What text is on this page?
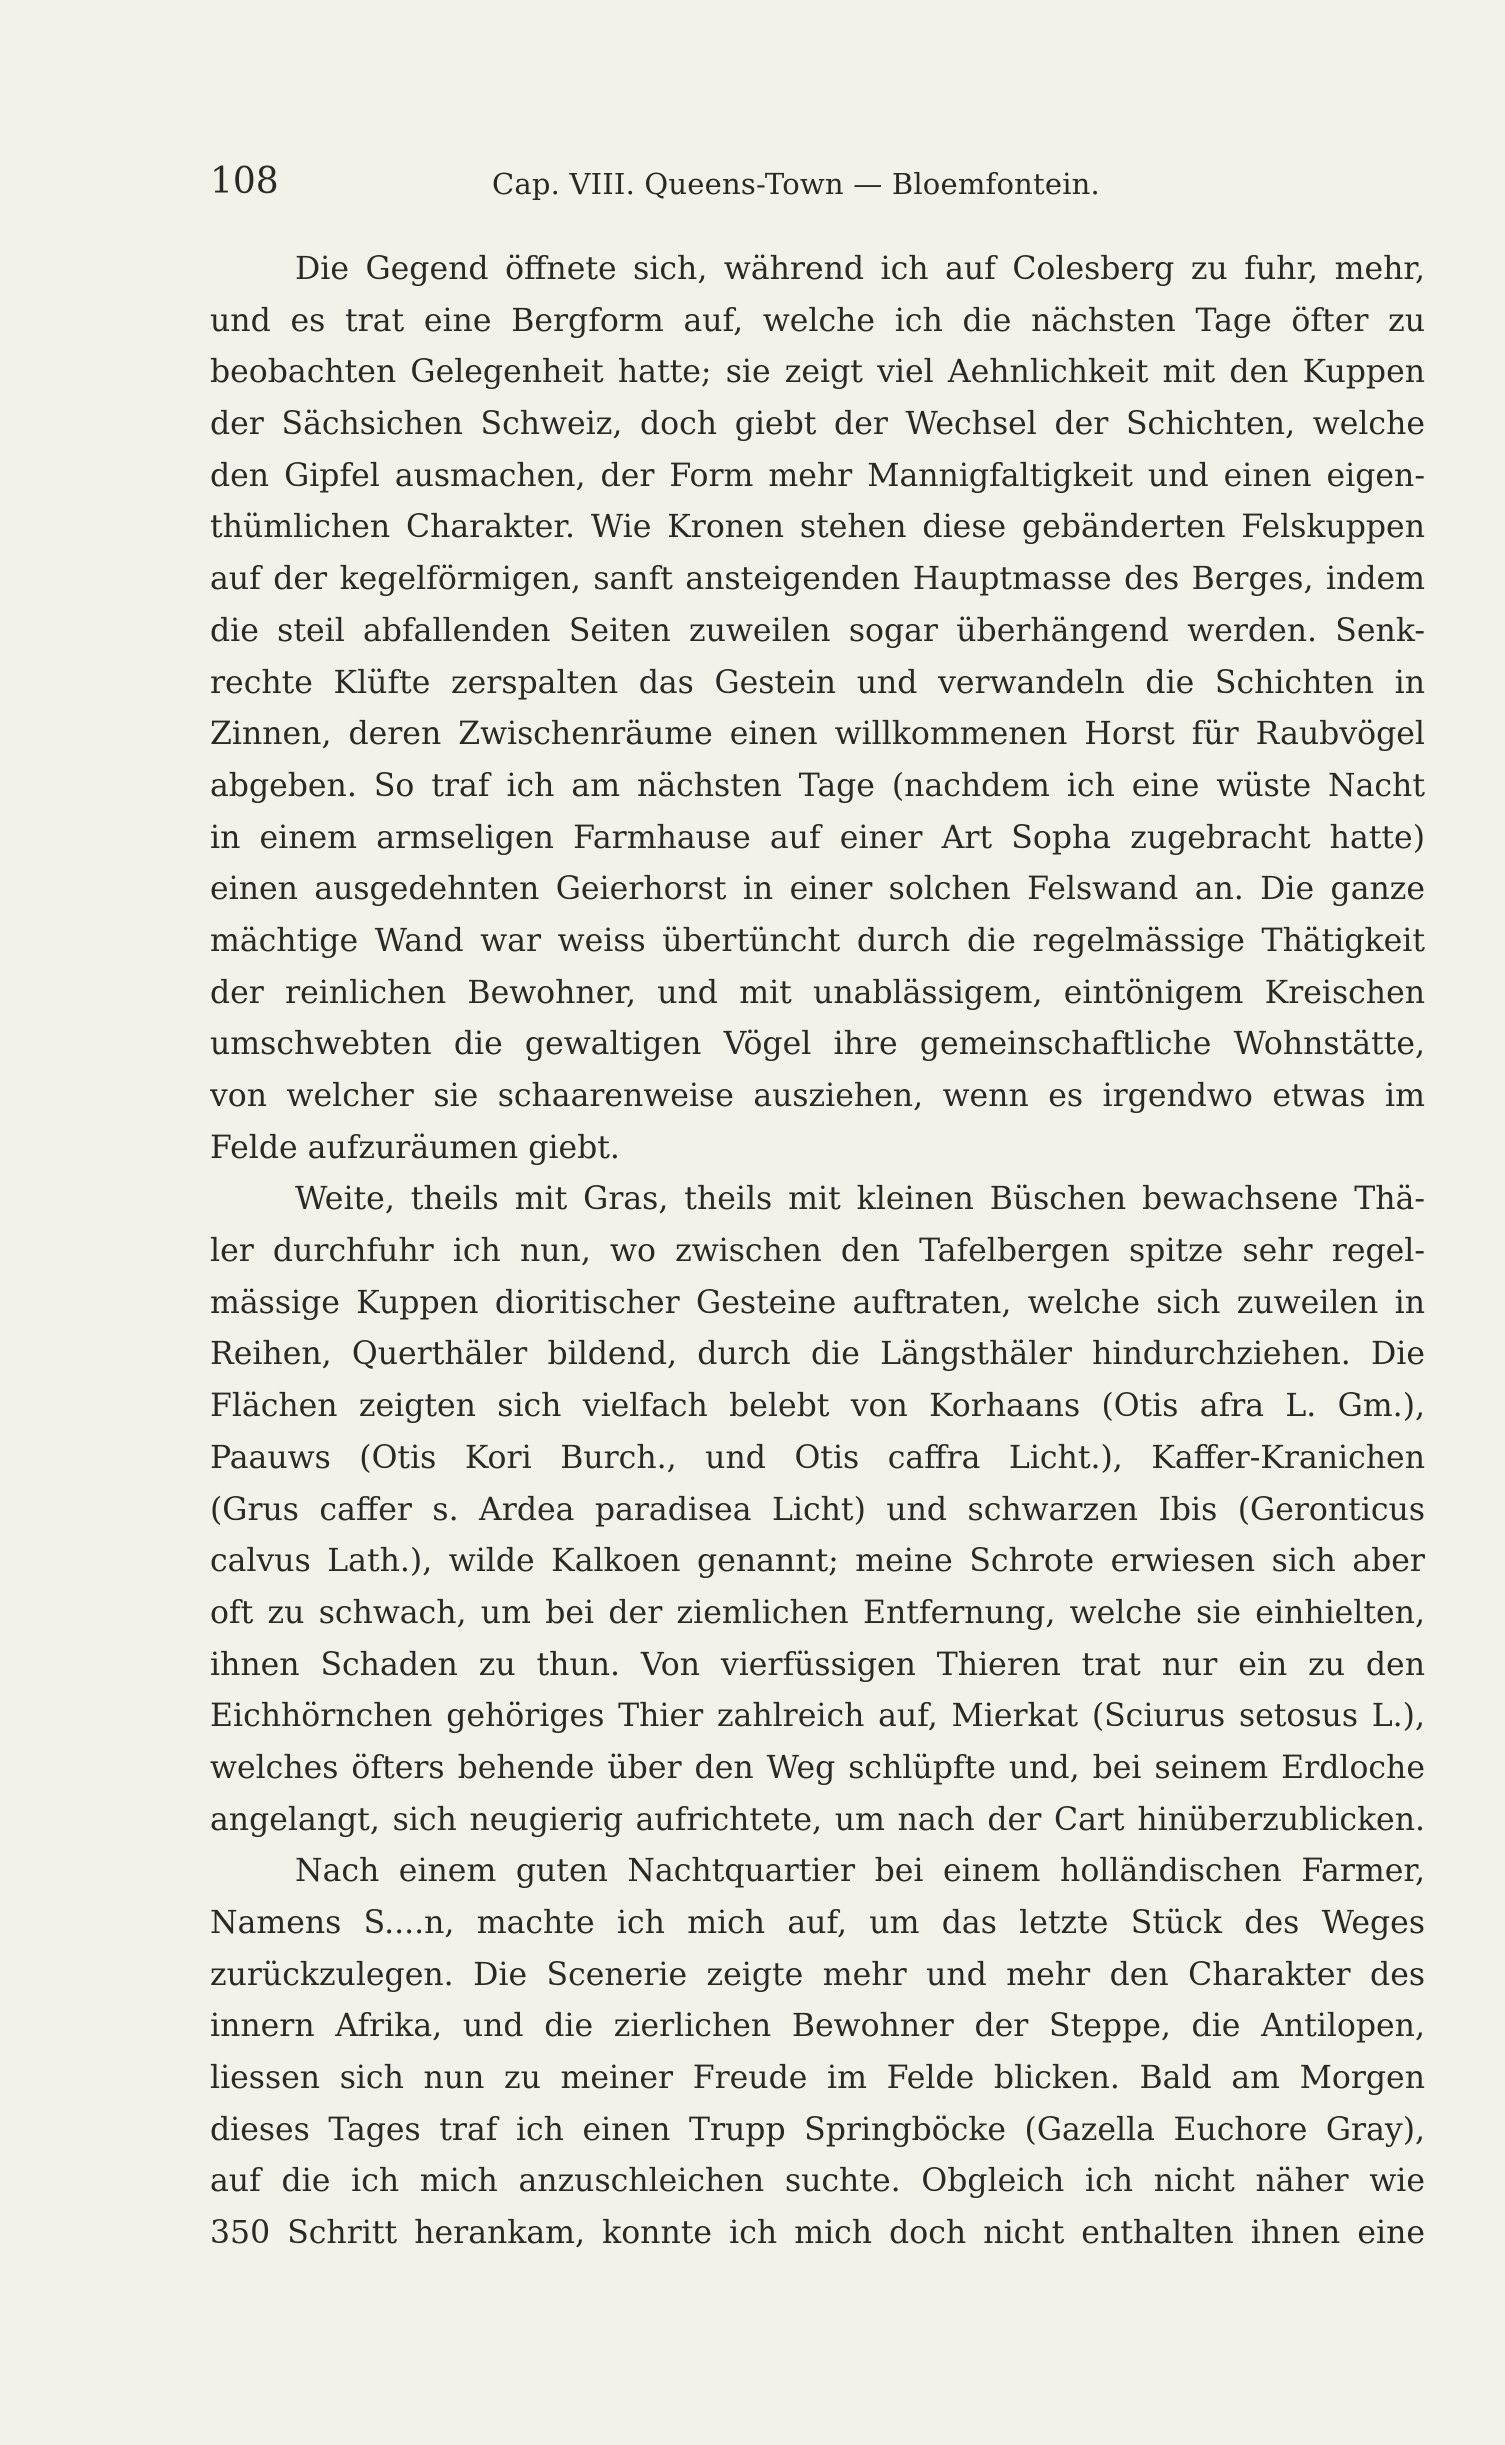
108	Cap. VIII. Queens-Town — Bloemfontein.
Die Gegend öffnete sich, während ich auf Colesberg zu fuhr, mehr,
und es trat eine Bergform auf, welche ich die nächsten Tage öfter zu
beobachten Gelegenheit hatte; sie zeigt viel Aehnlichkeit mit den Kuppen
der Sächsichen Schweiz, doch giebt der Wechsel der Schichten, welche
den Gipfel ausmachen, der Form mehr Mannigfaltigkeit und einen eigen-
thümlichen Charakter. Wie Kronen stehen diese gebänderten Felskuppen
auf der kegelförmigen, sanft ansteigenden Hauptmasse des Berges, indem
die steil abfallenden Seiten zuweilen sogar überhängend werden. Senk-
rechte Klüfte zerspalten das Gestein und verwandeln die Schichten in
Zinnen, deren Zwischenräume einen willkommenen Horst für Raubvögel
abgeben. So traf ich am nächsten Tage (nachdem ich eine wüste Nacht
in einem armseligen Farmhause auf einer Art Sopha zugebracht hatte)
einen ausgedehnten Geierhorst in einer solchen Felswand an. Die ganze
mächtige Wand war weiss übertüncht durch die regelmässige Thätigkeit
der reinlichen Bewohner, und mit unablässigem, eintönigem Kreischen
umschwebten die gewaltigen Vögel ihre gemeinschaftliche Wohnstätte,
von welcher sie schaarenweise ausziehen, wenn es irgendwo etwas im
Felde aufzuräumen giebt.
Weite, theils mit Gras, theils mit kleinen Büschen bewachsene Thä-
ler durchfuhr ich nun, wo zwischen den Tafelbergen spitze sehr regel-
mässige Kuppen dioritischer Gesteine auftraten, welche sich zuweilen in
Reihen, Querthäler bildend, durch die Längsthäler hindurchziehen. Die
Flächen zeigten sich vielfach belebt von Korhaans (Otis afra L. Gm.),
Paauws (Otis Kori Burch., und Otis caffra Licht.), Kaffer-Kranichen
(Grus caffer s. Ardea paradisea Licht) und schwarzen Ibis (Geronticus
calvus Lath.), wilde Kalkoen genannt; meine Schrote erwiesen sich aber
oft zu schwach, um bei der ziemlichen Entfernung, welche sie einhielten,
ihnen Schaden zu thun. Von vierfüssigen Thieren trat nur ein zu den
Eichhörnchen gehöriges Thier zahlreich auf, Mierkat (Sciurus setosus L.),
welches öfters behende über den Weg schlüpfte und, bei seinem Erdloche
angelangt, sich neugierig aufrichtete, um nach der Cart hinüberzublicken.
Nach einem guten Nachtquartier bei einem holländischen Farmer,
Namens S....n, machte ich mich auf, um das letzte Stück des Weges
zurückzulegen. Die Scenerie zeigte mehr und mehr den Charakter des
innern Afrika, und die zierlichen Bewohner der Steppe, die Antilopen,
liessen sich nun zu meiner Freude im Felde blicken. Bald am Morgen
dieses Tages traf ich einen Trupp Springböcke (Gazella Euchore Gray),
auf die ich mich anzuschleichen suchte. Obgleich ich nicht näher wie
350 Schritt herankam, konnte ich mich doch nicht enthalten ihnen eine
